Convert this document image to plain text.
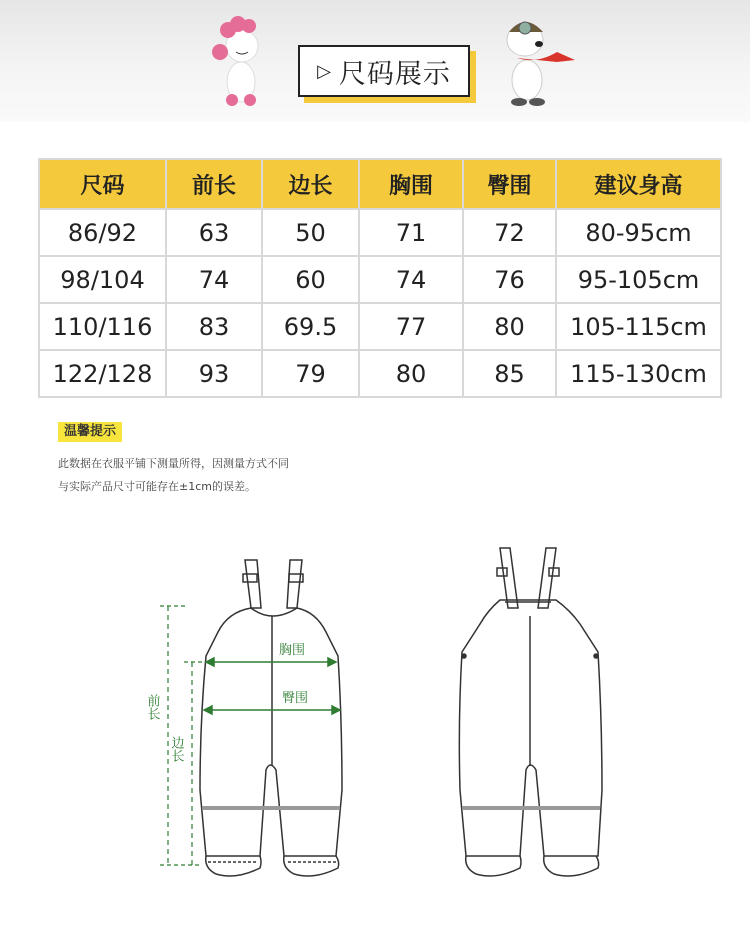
▷ 尺码展示
尺码	前长	边长	胸围	臀围	建议身高
86/92	63	50	71	72	80-95cm
98/104	74	60	74	76	95-105cm
110/116	83	69.5	77	80	105-115cm
122/128	93	79	80	85	115-130cm
温馨提示
此数据在衣服平铺下测量所得，因测量方式不同
与实际产品尺寸可能存在±1cm的误差。
胸围
臀围
前长
边长
